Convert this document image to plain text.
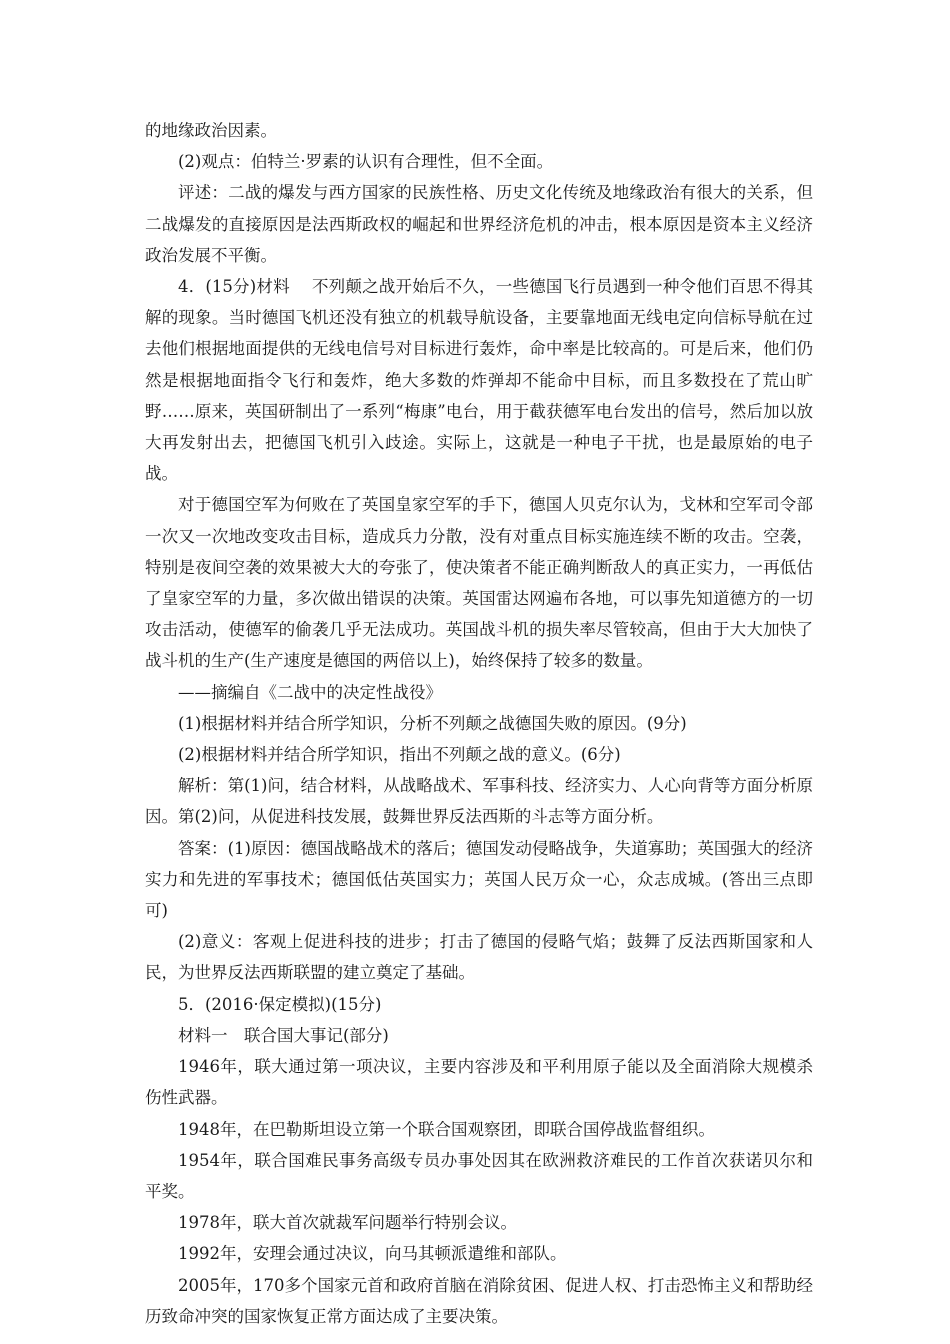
的地缘政治因素。

(2)观点：伯特兰·罗素的认识有合理性，但不全面。

评述：二战的爆发与西方国家的民族性格、历史文化传统及地缘政治有很大的关系，但二战爆发的直接原因是法西斯政权的崛起和世界经济危机的冲击，根本原因是资本主义经济政治发展不平衡。

4．(15分)材料　 不列颠之战开始后不久，一些德国飞行员遇到一种令他们百思不得其解的现象。当时德国飞机还没有独立的机载导航设备，主要靠地面无线电定向信标导航在过去他们根据地面提供的无线电信号对目标进行轰炸，命中率是比较高的。可是后来，他们仍然是根据地面指令飞行和轰炸，绝大多数的炸弹却不能命中目标，而且多数投在了荒山旷野……原来，英国研制出了一系列“梅康”电台，用于截获德军电台发出的信号，然后加以放大再发射出去，把德国飞机引入歧途。实际上，这就是一种电子干扰，也是最原始的电子战。

对于德国空军为何败在了英国皇家空军的手下，德国人贝克尔认为，戈林和空军司令部一次又一次地改变攻击目标，造成兵力分散，没有对重点目标实施连续不断的攻击。空袭，特别是夜间空袭的效果被大大的夸张了，使决策者不能正确判断敌人的真正实力，一再低估了皇家空军的力量，多次做出错误的决策。英国雷达网遍布各地，可以事先知道德方的一切攻击活动，使德军的偷袭几乎无法成功。英国战斗机的损失率尽管较高，但由于大大加快了战斗机的生产(生产速度是德国的两倍以上)，始终保持了较多的数量。

——摘编自《二战中的决定性战役》

(1)根据材料并结合所学知识，分析不列颠之战德国失败的原因。(9分)

(2)根据材料并结合所学知识，指出不列颠之战的意义。(6分)

解析：第(1)问，结合材料，从战略战术、军事科技、经济实力、人心向背等方面分析原因。第(2)问，从促进科技发展，鼓舞世界反法西斯的斗志等方面分析。

答案：(1)原因：德国战略战术的落后；德国发动侵略战争，失道寡助；英国强大的经济实力和先进的军事技术；德国低估英国实力；英国人民万众一心，众志成城。(答出三点即可)

(2)意义：客观上促进科技的进步；打击了德国的侵略气焰；鼓舞了反法西斯国家和人民，为世界反法西斯联盟的建立奠定了基础。

5．(2016·保定模拟)(15分)

材料一　联合国大事记(部分)

1946年，联大通过第一项决议，主要内容涉及和平利用原子能以及全面消除大规模杀伤性武器。

1948年，在巴勒斯坦设立第一个联合国观察团，即联合国停战监督组织。

1954年，联合国难民事务高级专员办事处因其在欧洲救济难民的工作首次获诺贝尔和平奖。

1978年，联大首次就裁军问题举行特别会议。

1992年，安理会通过决议，向马其顿派遣维和部队。

2005年，170多个国家元首和政府首脑在消除贫困、促进人权、打击恐怖主义和帮助经历致命冲突的国家恢复正常方面达成了主要决策。
